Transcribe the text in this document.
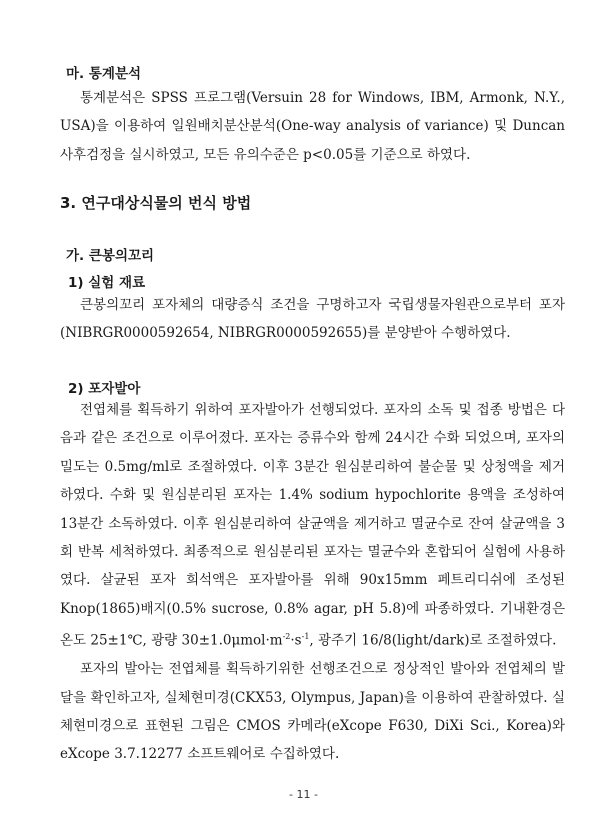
마. 통계분석

통계분석은 SPSS 프로그램(Versuin 28 for Windows, IBM, Armonk, N.Y., USA)을 이용하여 일원배치분산분석(One-way analysis of variance) 및 Duncan 사후검정을 실시하였고, 모든 유의수준은 p<0.05를 기준으로 하였다.

3. 연구대상식물의 번식 방법
가. 큰봉의꼬리
1) 실험 재료

큰봉의꼬리 포자체의 대량증식 조건을 구명하고자 국립생물자원관으로부터 포자(NIBRGR0000592654, NIBRGR0000592655)를 분양받아 수행하였다.

2) 포자발아

전엽체를 획득하기 위하여 포자발아가 선행되었다. 포자의 소독 및 접종 방법은 다음과 같은 조건으로 이루어졌다. 포자는 증류수와 함께 24시간 수화 되었으며, 포자의 밀도는 0.5mg/ml로 조절하였다. 이후 3분간 원심분리하여 불순물 및 상청액을 제거하였다. 수화 및 원심분리된 포자는 1.4% sodium hypochlorite 용액을 조성하여 13분간 소독하였다. 이후 원심분리하여 살균액을 제거하고 멸균수로 잔여 살균액을 3회 반복 세척하였다. 최종적으로 원심분리된 포자는 멸균수와 혼합되어 실험에 사용하였다. 살균된 포자 희석액은 포자발아를 위해 90x15mm 페트리디쉬에 조성된 Knop(1865)배지(0.5% sucrose, 0.8% agar, pH 5.8)에 파종하였다. 기내환경은 온도 25±1℃, 광량 $30\pm 1.0\mu mol\cdot m^{-2}\cdot s^{-1}$, 광주기 16/8(light/dark)로 조절하였다.

포자의 발아는 전엽체를 획득하기위한 선행조건으로 정상적인 발아와 전엽체의 발달을 확인하고자, 실체현미경(CKX53, Olympus, Japan)을 이용하여 관찰하였다. 실체현미경으로 표현된 그림은 CMOS 카메라(eXcope F630, DiXi Sci., Korea)와 eXcope 3.7.12277 소프트웨어로 수집하였다.

- 11 -
